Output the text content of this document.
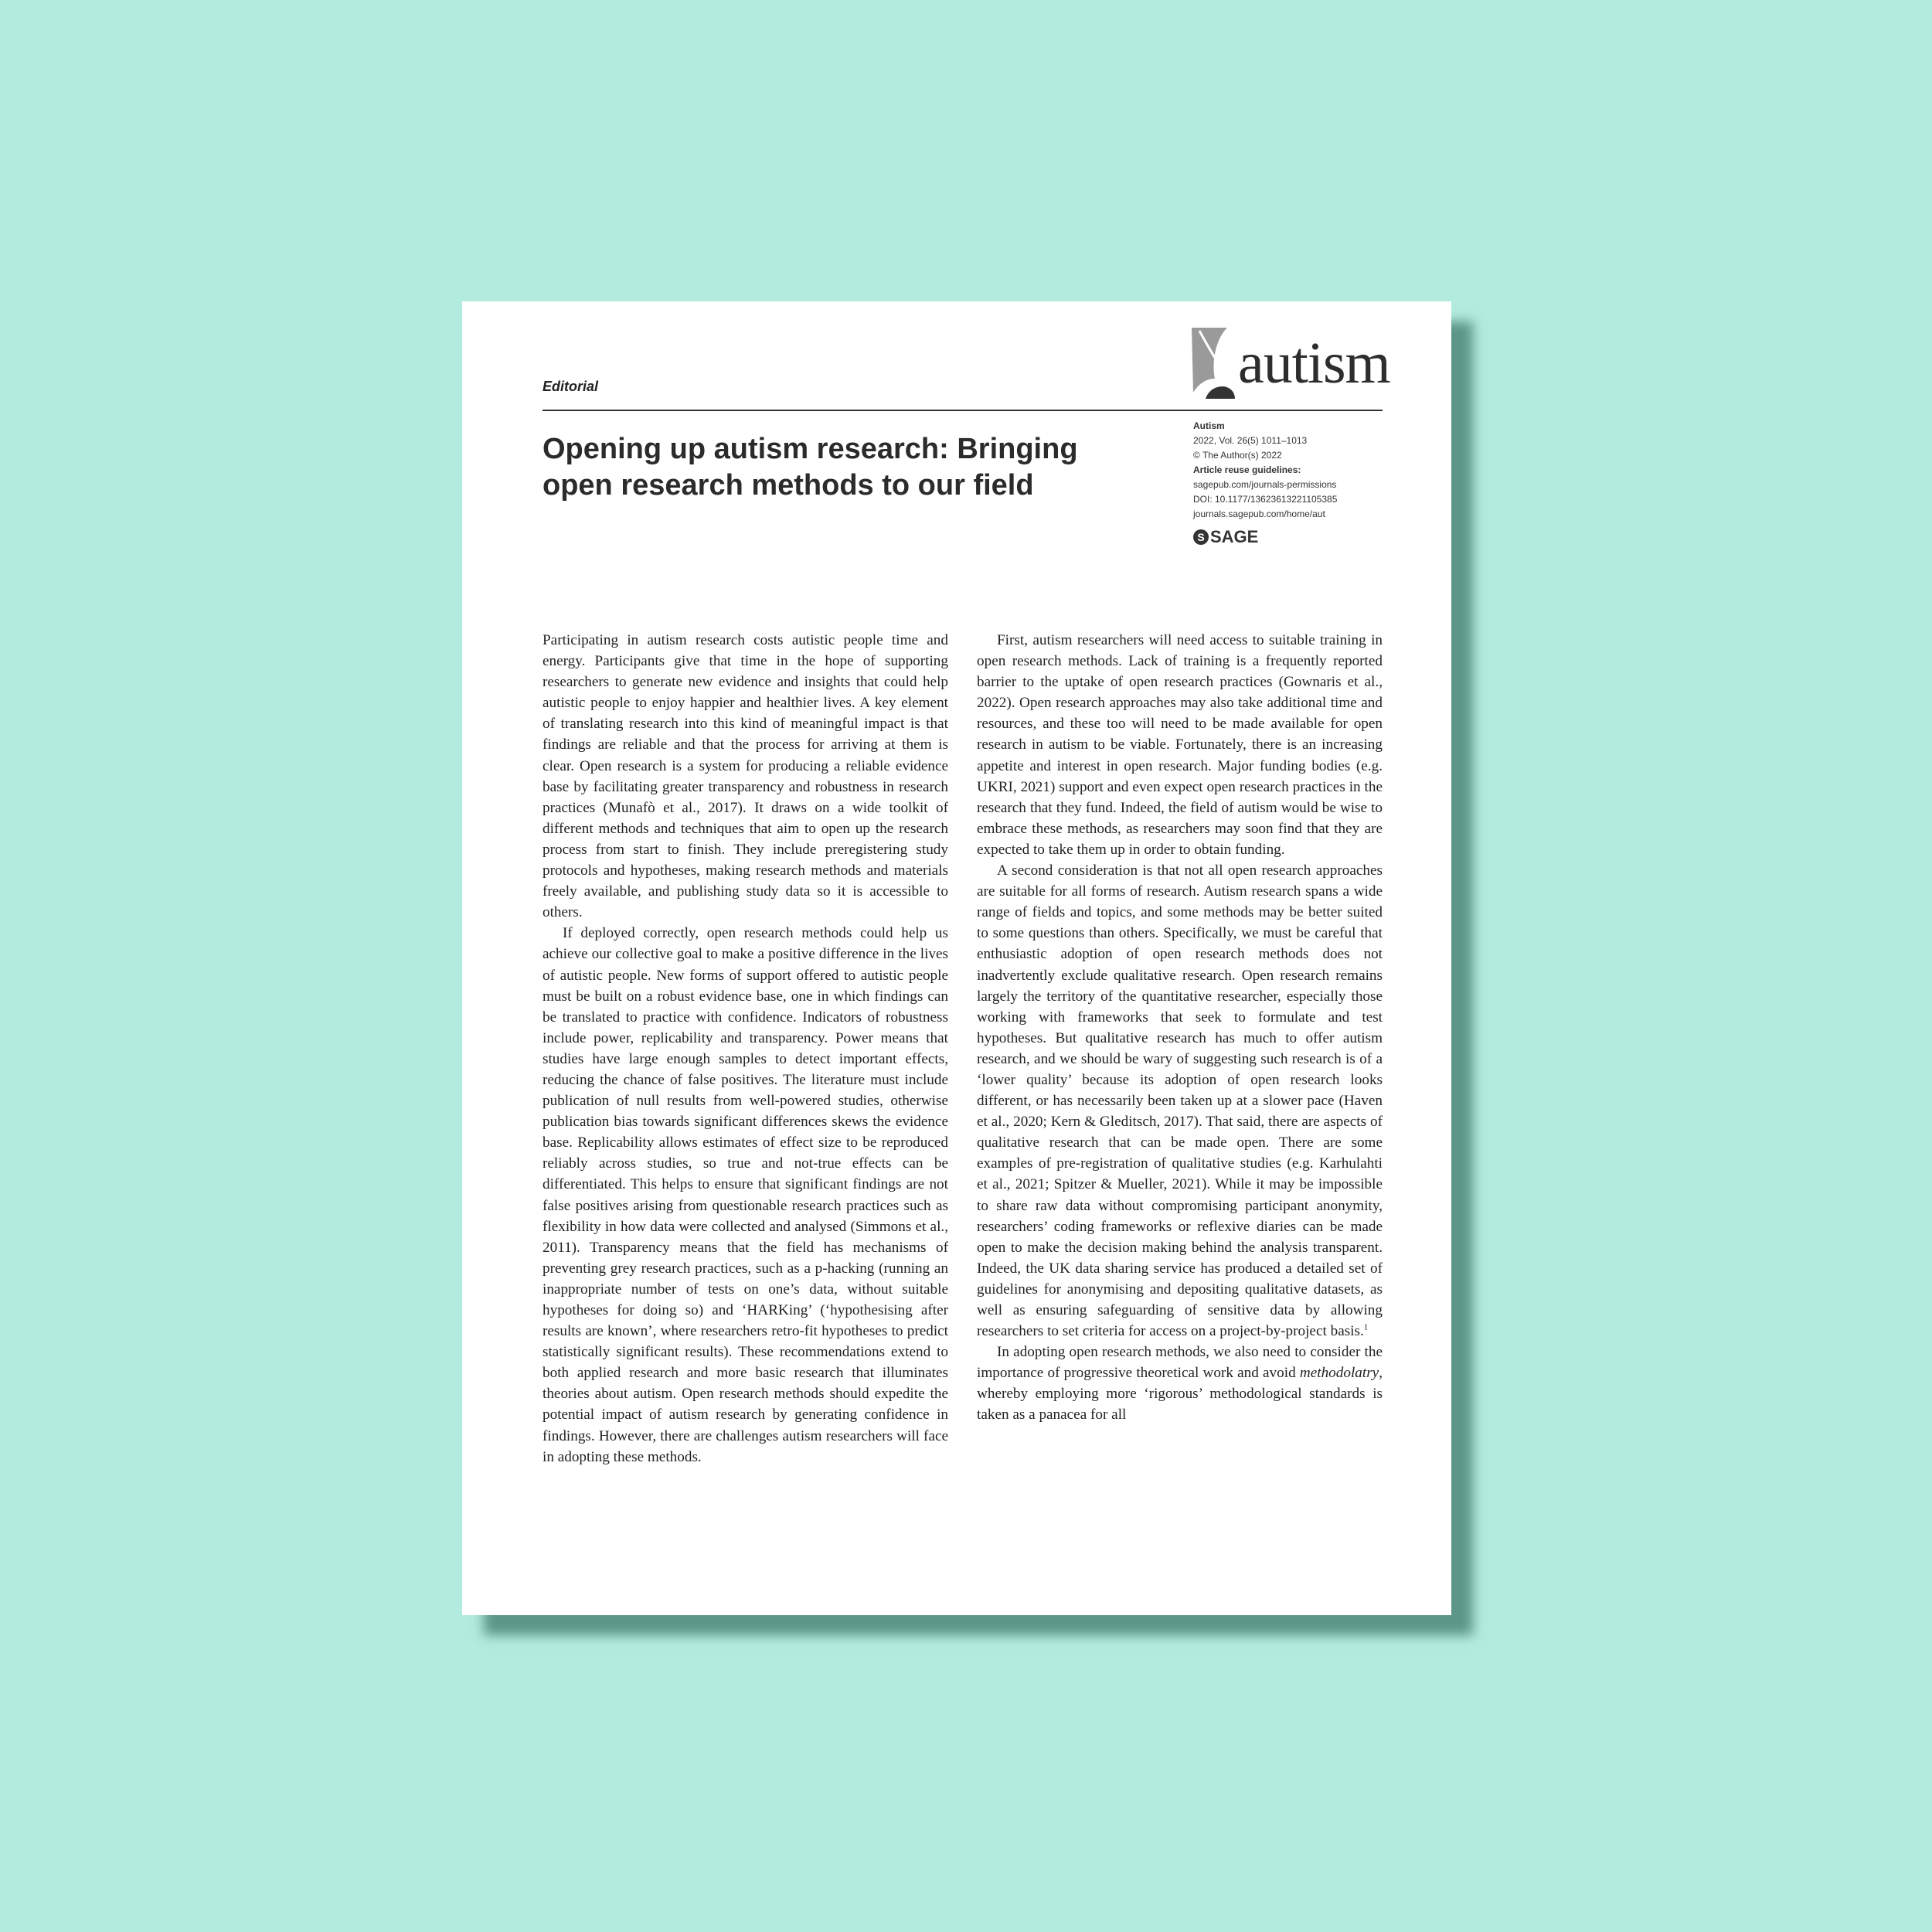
Editorial	autism
Opening up autism research: Bringing open research methods to our field
Autism
2022, Vol. 26(5) 1011–1013
© The Author(s) 2022
Article reuse guidelines:
sagepub.com/journals-permissions
DOI: 10.1177/13623613221105385
journals.sagepub.com/home/aut
S SAGE

Participating in autism research costs autistic people time and energy. Participants give that time in the hope of supporting researchers to generate new evidence and insights that could help autistic people to enjoy happier and healthier lives. A key element of translating research into this kind of meaningful impact is that findings are reliable and that the process for arriving at them is clear. Open research is a system for producing a reliable evidence base by facilitating greater transparency and robustness in research practices (Munafò et al., 2017). It draws on a wide toolkit of different methods and techniques that aim to open up the research process from start to finish. They include preregistering study protocols and hypotheses, making research methods and materials freely available, and publishing study data so it is accessible to others.

If deployed correctly, open research methods could help us achieve our collective goal to make a positive difference in the lives of autistic people. New forms of support offered to autistic people must be built on a robust evidence base, one in which findings can be translated to practice with confidence. Indicators of robustness include power, replicability and transparency. Power means that studies have large enough samples to detect important effects, reducing the chance of false positives. The literature must include publication of null results from well-powered studies, otherwise publication bias towards significant differences skews the evidence base. Replicability allows estimates of effect size to be reproduced reliably across studies, so true and not-true effects can be differentiated. This helps to ensure that significant findings are not false positives arising from questionable research practices such as flexibility in how data were collected and analysed (Simmons et al., 2011). Transparency means that the field has mechanisms of preventing grey research practices, such as a p-hacking (running an inappropriate number of tests on one’s data, without suitable hypotheses for doing so) and ‘HARKing’ (‘hypothesising after results are known’, where researchers retro-fit hypotheses to predict statistically significant results). These recommendations extend to both applied research and more basic research that illuminates theories about autism. Open research methods should expedite the potential impact of autism research by generating confidence in findings. However, there are challenges autism researchers will face in adopting these methods.

First, autism researchers will need access to suitable training in open research methods. Lack of training is a frequently reported barrier to the uptake of open research practices (Gownaris et al., 2022). Open research approaches may also take additional time and resources, and these too will need to be made available for open research in autism to be viable. Fortunately, there is an increasing appetite and interest in open research. Major funding bodies (e.g. UKRI, 2021) support and even expect open research practices in the research that they fund. Indeed, the field of autism would be wise to embrace these methods, as researchers may soon find that they are expected to take them up in order to obtain funding.

A second consideration is that not all open research approaches are suitable for all forms of research. Autism research spans a wide range of fields and topics, and some methods may be better suited to some questions than others. Specifically, we must be careful that enthusiastic adoption of open research methods does not inadvertently exclude qualitative research. Open research remains largely the territory of the quantitative researcher, especially those working with frameworks that seek to formulate and test hypotheses. But qualitative research has much to offer autism research, and we should be wary of suggesting such research is of a ‘lower quality’ because its adoption of open research looks different, or has necessarily been taken up at a slower pace (Haven et al., 2020; Kern & Gleditsch, 2017). That said, there are aspects of qualitative research that can be made open. There are some examples of pre-registration of qualitative studies (e.g. Karhulahti et al., 2021; Spitzer & Mueller, 2021). While it may be impossible to share raw data without compromising participant anonymity, researchers’ coding frameworks or reflexive diaries can be made open to make the decision making behind the analysis transparent. Indeed, the UK data sharing service has produced a detailed set of guidelines for anonymising and depositing qualitative datasets, as well as ensuring safeguarding of sensitive data by allowing researchers to set criteria for access on a project-by-project basis.$^1$

In adopting open research methods, we also need to consider the importance of progressive theoretical work and avoid methodolatry, whereby employing more ‘rigorous’ methodological standards is taken as a panacea for all
